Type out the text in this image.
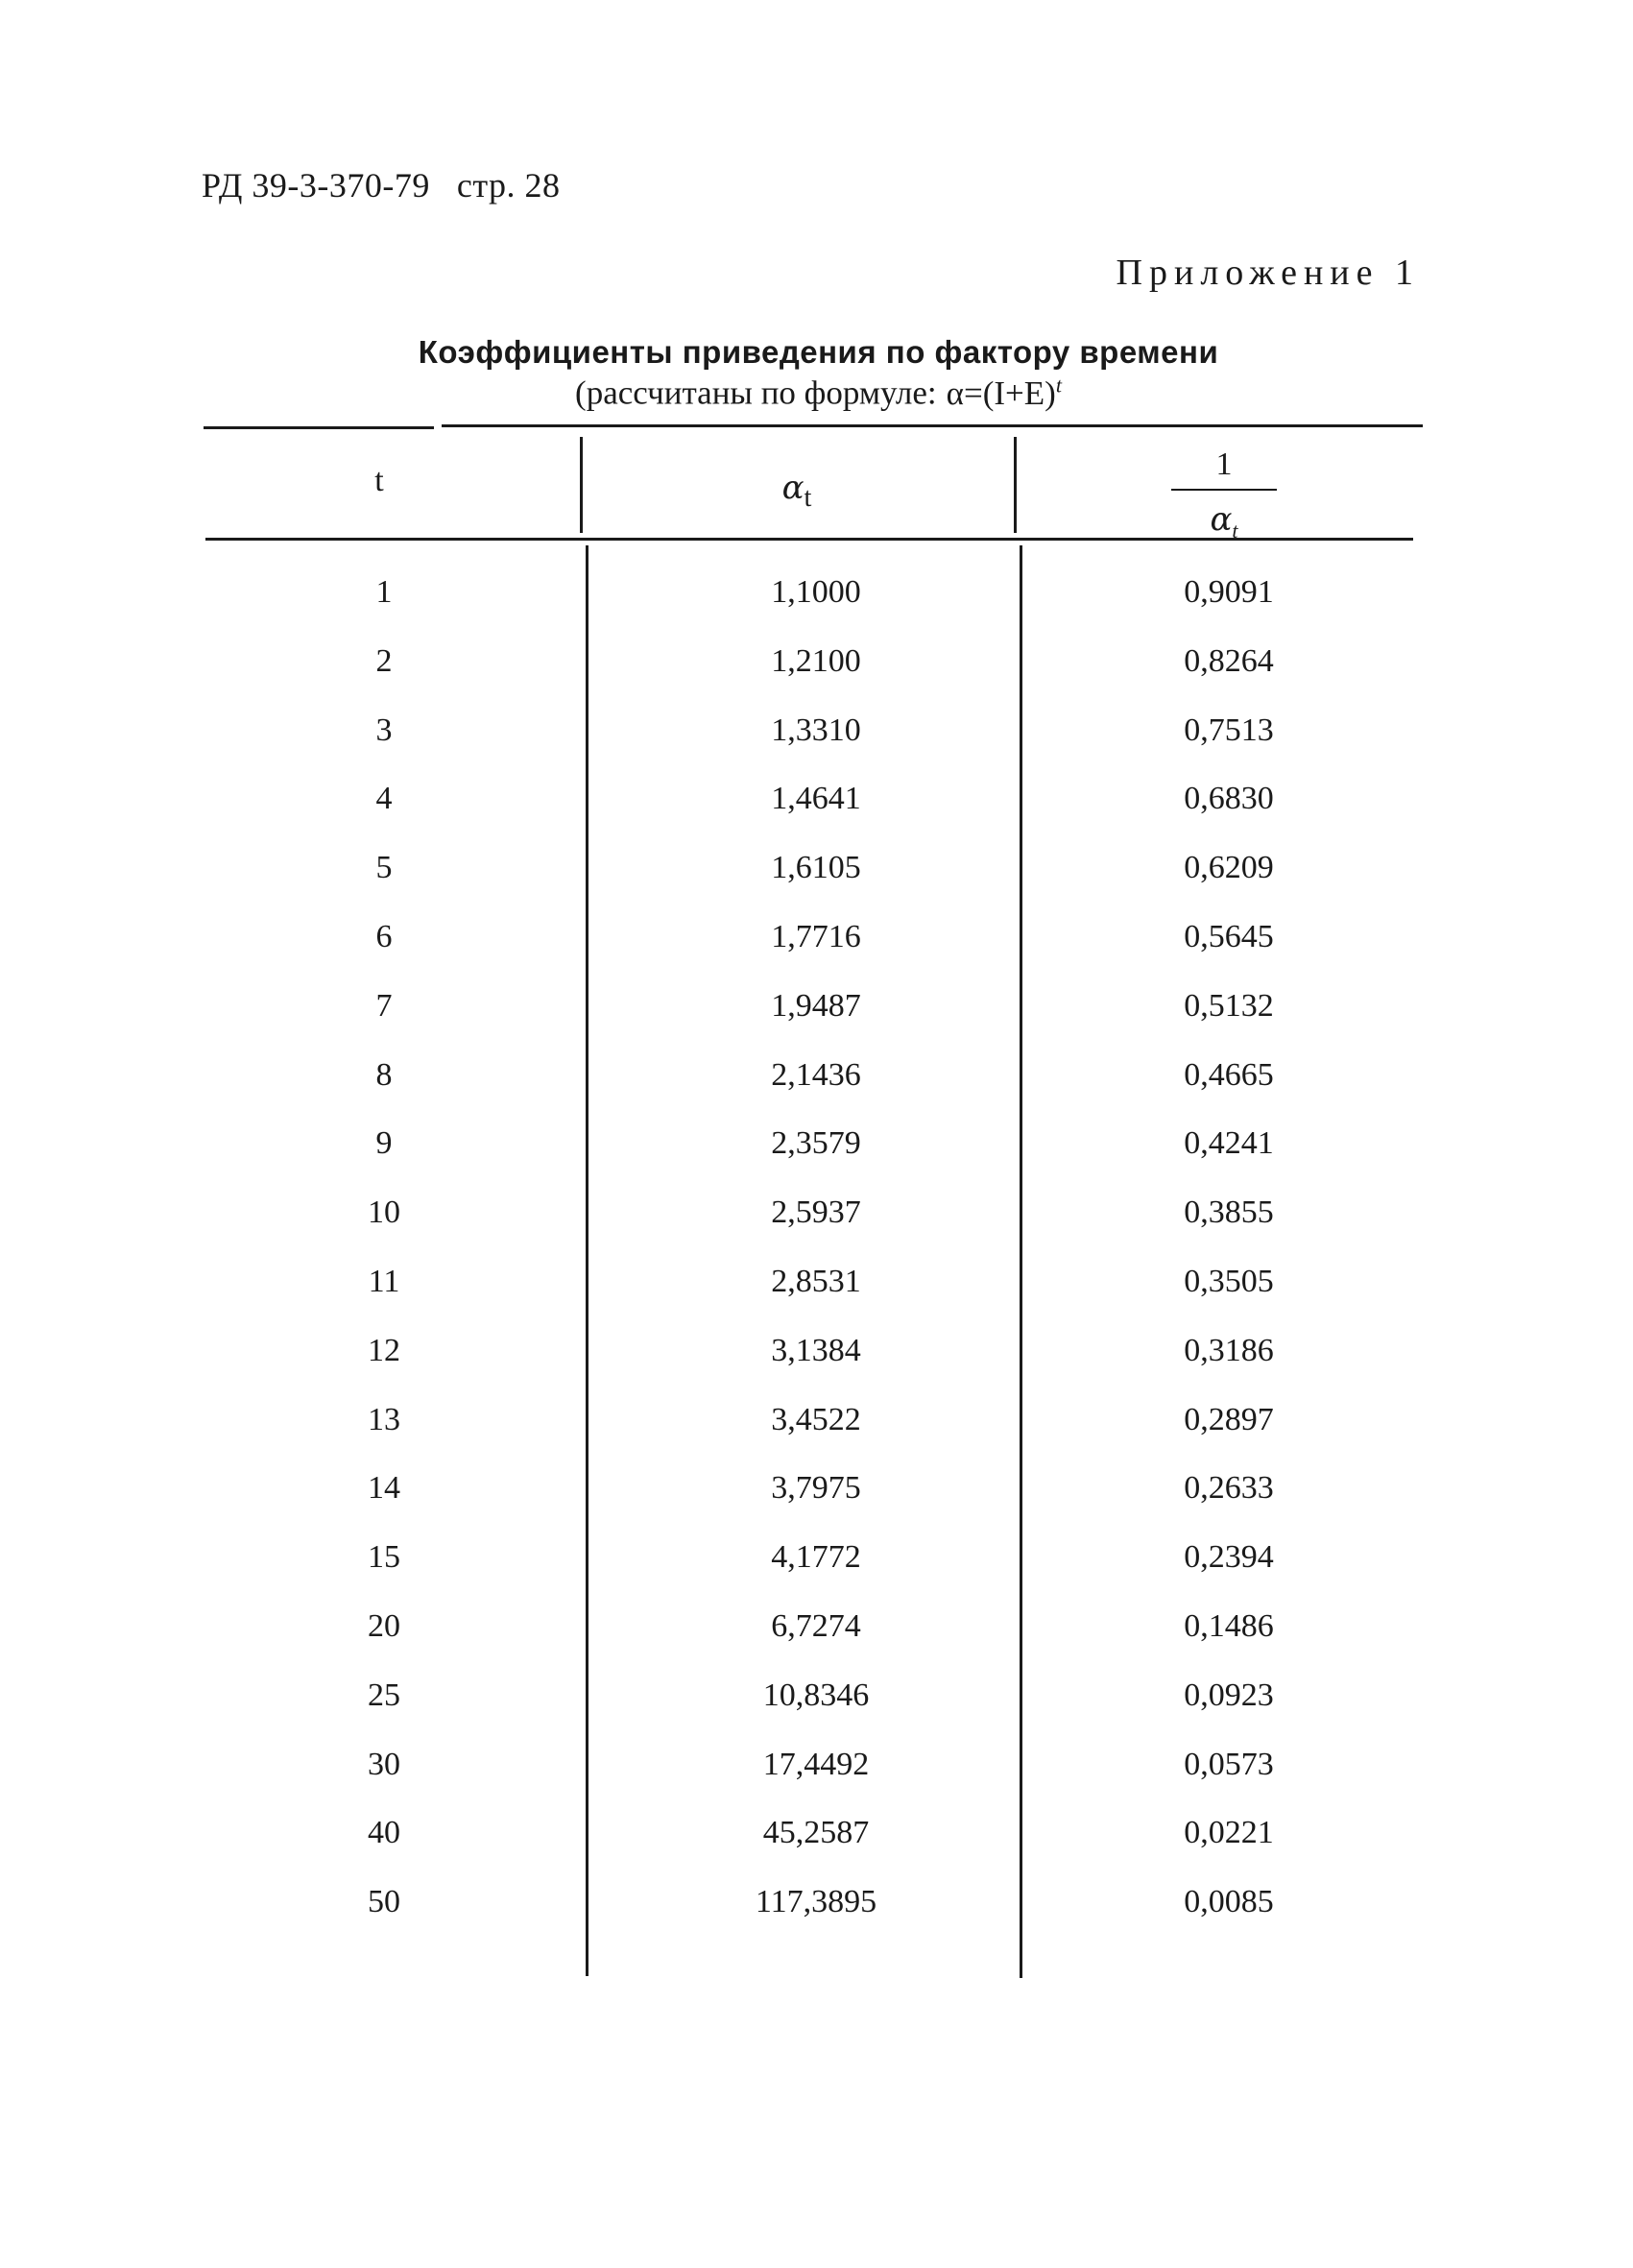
РД 39-3-370-79 стр. 28
Приложение 1
Коэффициенты приведения по фактору времени
(рассчитаны по формуле: $\alpha=(I+E)^t$
t	$\alpha_t$
1
$\alpha_t$
1	1,1000	0,9091
2	1,2100	0,8264
3	1,3310	0,7513
4	1,4641	0,6830
5	1,6105	0,6209
6	1,7716	0,5645
7	1,9487	0,5132
8	2,1436	0,4665
9	2,3579	0,4241
10	2,5937	0,3855
11	2,8531	0,3505
12	3,1384	0,3186
13	3,4522	0,2897
14	3,7975	0,2633
15	4,1772	0,2394
20	6,7274	0,1486
25	10,8346	0,0923
30	17,4492	0,0573
40	45,2587	0,0221
50	117,3895	0,0085
